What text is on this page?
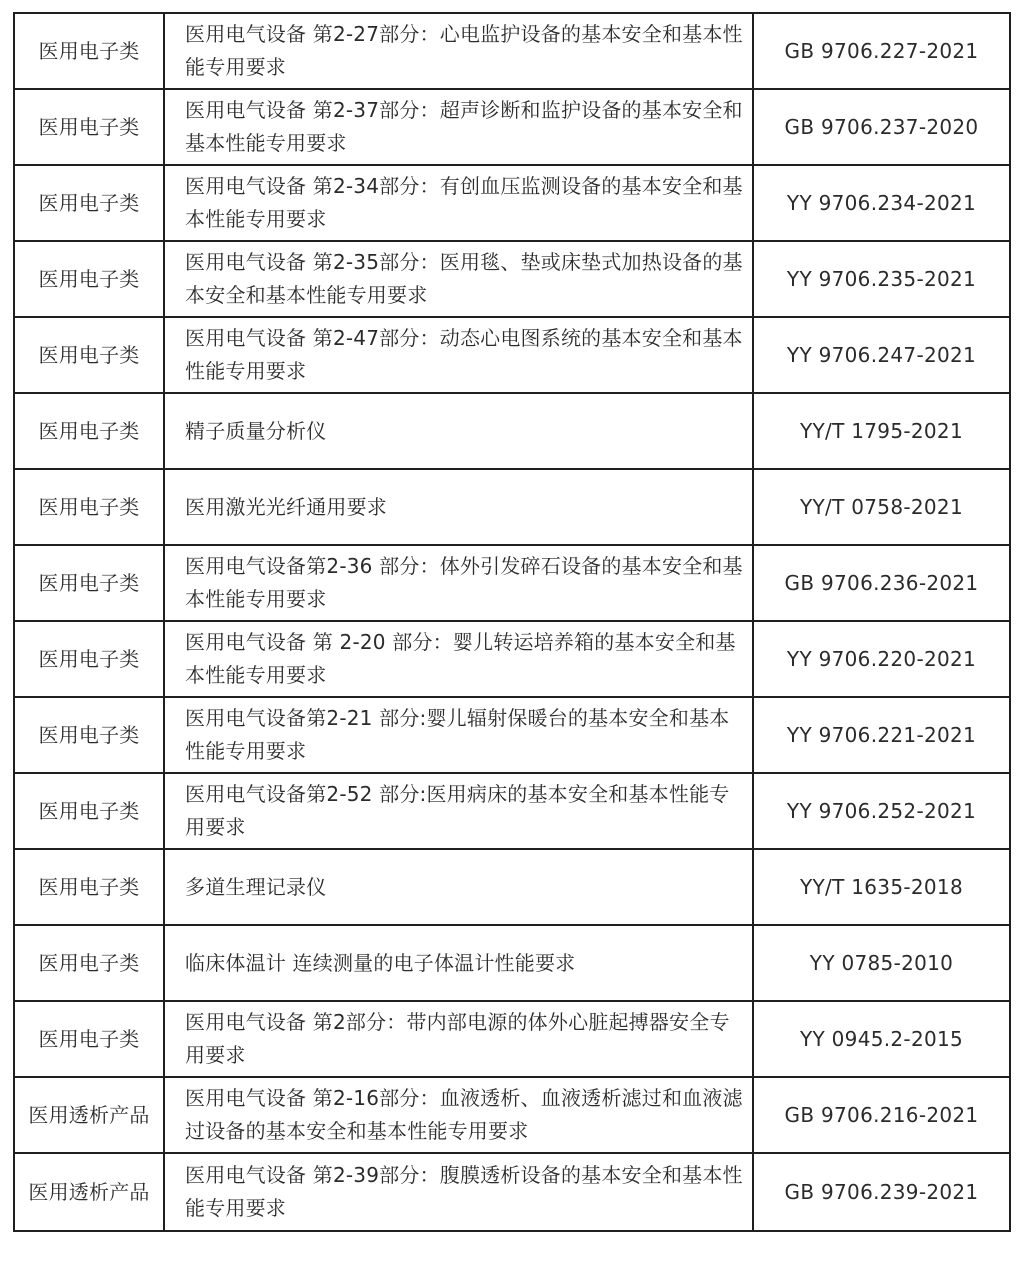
医用电子类	医用电气设备 第2-27部分：心电监护设备的基本安全和基本性能专用要求	GB 9706.227-2021
医用电子类	医用电气设备 第2-37部分：超声诊断和监护设备的基本安全和基本性能专用要求	GB 9706.237-2020
医用电子类	医用电气设备 第2-34部分：有创血压监测设备的基本安全和基本性能专用要求	YY 9706.234-2021
医用电子类	医用电气设备 第2-35部分：医用毯、垫或床垫式加热设备的基本安全和基本性能专用要求	YY 9706.235-2021
医用电子类	医用电气设备 第2-47部分：动态心电图系统的基本安全和基本性能专用要求	YY 9706.247-2021
医用电子类	精子质量分析仪	YY/T 1795-2021
医用电子类	医用激光光纤通用要求	YY/T 0758-2021
医用电子类	医用电气设备第2-36 部分：体外引发碎石设备的基本安全和基本性能专用要求	GB 9706.236-2021
医用电子类	医用电气设备 第 2-20 部分：婴儿转运培养箱的基本安全和基本性能专用要求	YY 9706.220-2021
医用电子类	医用电气设备第2-21 部分:婴儿辐射保暖台的基本安全和基本性能专用要求	YY 9706.221-2021
医用电子类	医用电气设备第2-52 部分:医用病床的基本安全和基本性能专用要求	YY 9706.252-2021
医用电子类	多道生理记录仪	YY/T 1635-2018
医用电子类	临床体温计 连续测量的电子体温计性能要求	YY 0785-2010
医用电子类	医用电气设备 第2部分：带内部电源的体外心脏起搏器安全专用要求	YY 0945.2-2015
医用透析产品	医用电气设备 第2-16部分：血液透析、血液透析滤过和血液滤过设备的基本安全和基本性能专用要求	GB 9706.216-2021
医用透析产品	医用电气设备 第2-39部分：腹膜透析设备的基本安全和基本性能专用要求	GB 9706.239-2021
